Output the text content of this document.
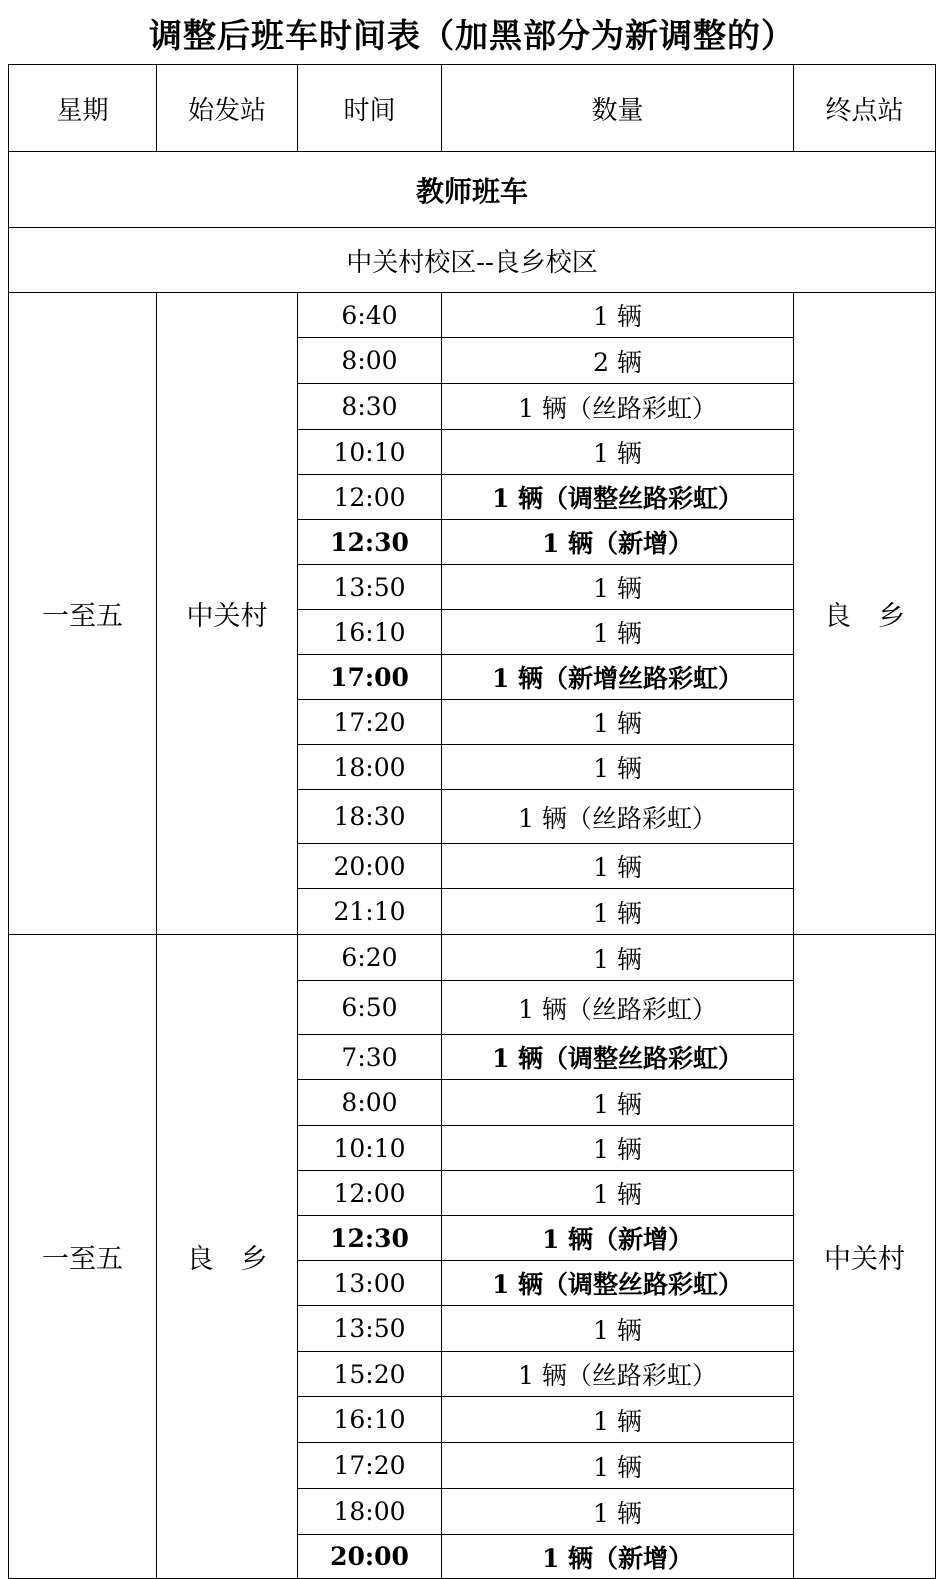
调整后班车时间表（加黑部分为新调整的）
星期	始发站	时间	数量	终点站
教师班车				
中关村校区--良乡校区				
一至五	中关村	6:40	1 辆	良　乡
		8:00	2 辆	
		8:30	1 辆（丝路彩虹）	
		10:10	1 辆	
		12:00	1 辆（调整丝路彩虹）	
		12:30	1 辆（新增）	
		13:50	1 辆	
		16:10	1 辆	
		17:00	1 辆（新增丝路彩虹）	
		17:20	1 辆	
		18:00	1 辆	
		18:30	1 辆（丝路彩虹）	
		20:00	1 辆	
		21:10	1 辆	
一至五	良　乡	6:20	1 辆	中关村
		6:50	1 辆（丝路彩虹）	
		7:30	1 辆（调整丝路彩虹）	
		8:00	1 辆	
		10:10	1 辆	
		12:00	1 辆	
		12:30	1 辆（新增）	
		13:00	1 辆（调整丝路彩虹）	
		13:50	1 辆	
		15:20	1 辆（丝路彩虹）	
		16:10	1 辆	
		17:20	1 辆	
		18:00	1 辆	
		20:00	1 辆（新增）	
